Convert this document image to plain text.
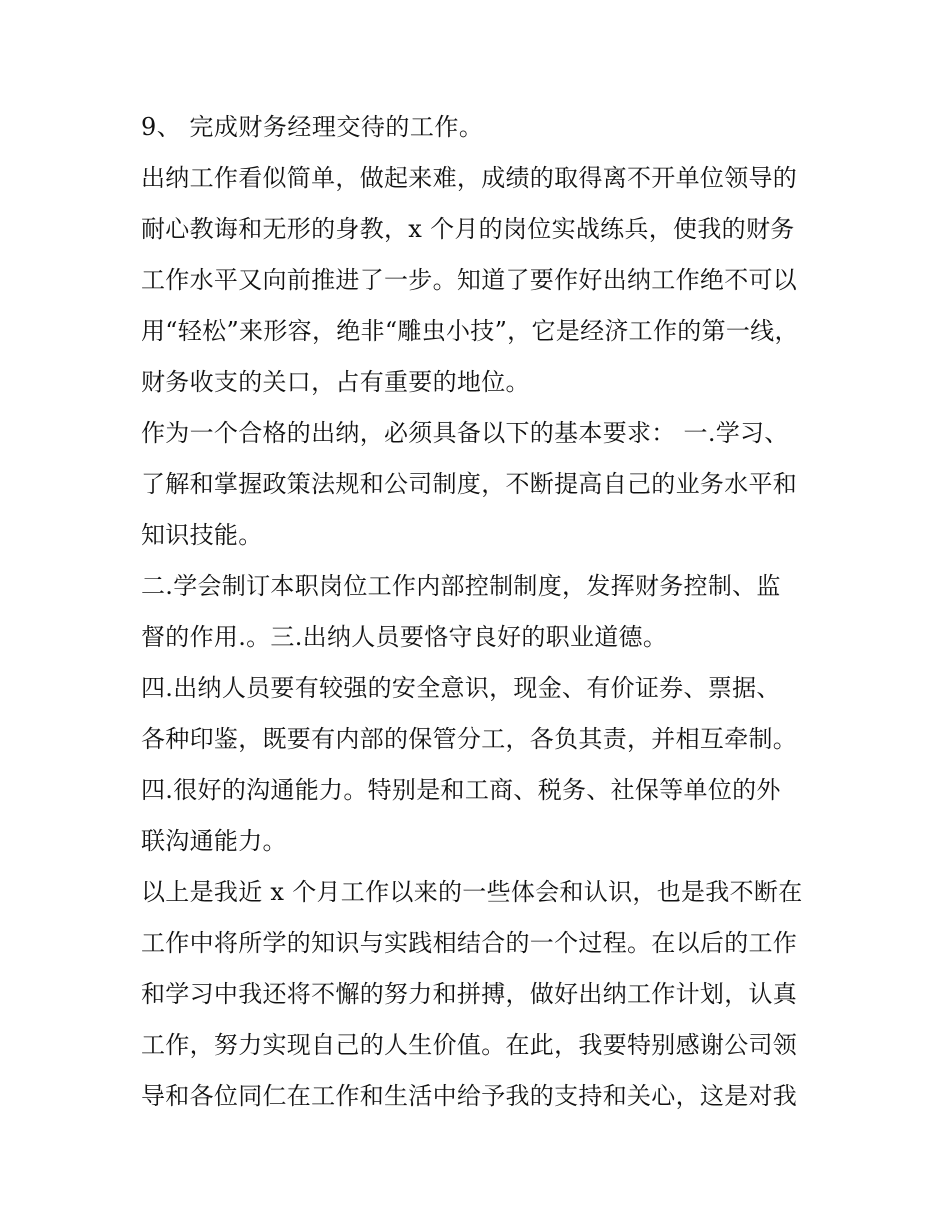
9、 完成财务经理交待的工作。
出纳工作看似简单，做起来难，成绩的取得离不开单位领导的
耐心教诲和无形的身教，x 个月的岗位实战练兵，使我的财务
工作水平又向前推进了一步。知道了要作好出纳工作绝不可以
用“轻松”来形容，绝非“雕虫小技”，它是经济工作的第一线，
财务收支的关口，占有重要的地位。
作为一个合格的出纳，必须具备以下的基本要求： 一.学习、
了解和掌握政策法规和公司制度，不断提高自己的业务水平和
知识技能。
二.学会制订本职岗位工作内部控制制度，发挥财务控制、监
督的作用.。三.出纳人员要恪守良好的职业道德。
四.出纳人员要有较强的安全意识，现金、有价证券、票据、
各种印鉴，既要有内部的保管分工，各负其责，并相互牵制。
四.很好的沟通能力。特别是和工商、税务、社保等单位的外
联沟通能力。
以上是我近 x 个月工作以来的一些体会和认识，也是我不断在
工作中将所学的知识与实践相结合的一个过程。在以后的工作
和学习中我还将不懈的努力和拼搏，做好出纳工作计划，认真
工作，努力实现自己的人生价值。在此，我要特别感谢公司领
导和各位同仁在工作和生活中给予我的支持和关心，这是对我
